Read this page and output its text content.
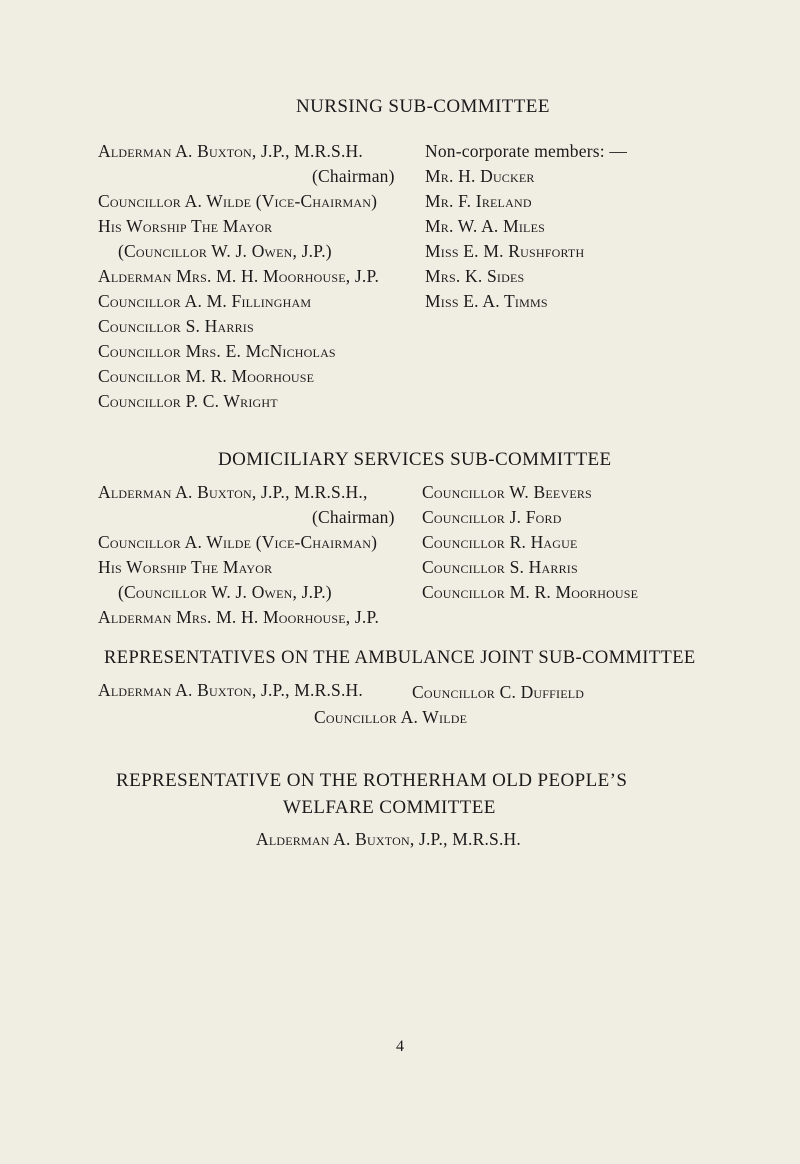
NURSING SUB-COMMITTEE
Alderman A. Buxton, J.P., M.R.S.H.
(Chairman)
Councillor A. Wilde (Vice-Chairman)
His Worship The Mayor
(Councillor W. J. Owen, J.P.)
Alderman Mrs. M. H. Moorhouse, J.P.
Councillor A. M. Fillingham
Councillor S. Harris
Councillor Mrs. E. McNicholas
Councillor M. R. Moorhouse
Councillor P. C. Wright
Non-corporate members: —
Mr. H. Ducker
Mr. F. Ireland
Mr. W. A. Miles
Miss E. M. Rushforth
Mrs. K. Sides
Miss E. A. Timms
DOMICILIARY SERVICES SUB-COMMITTEE
Alderman A. Buxton, J.P., M.R.S.H.,
(Chairman)
Councillor A. Wilde (Vice-Chairman)
His Worship The Mayor
(Councillor W. J. Owen, J.P.)
Alderman Mrs. M. H. Moorhouse, J.P.
Councillor W. Beevers
Councillor J. Ford
Councillor R. Hague
Councillor S. Harris
Councillor M. R. Moorhouse
REPRESENTATIVES ON THE AMBULANCE JOINT SUB-COMMITTEE
Alderman A. Buxton, J.P., M.R.S.H.	Councillor C. Duffield
Councillor A. Wilde
REPRESENTATIVE ON THE ROTHERHAM OLD PEOPLE’S
WELFARE COMMITTEE
Alderman A. Buxton, J.P., M.R.S.H.
4
